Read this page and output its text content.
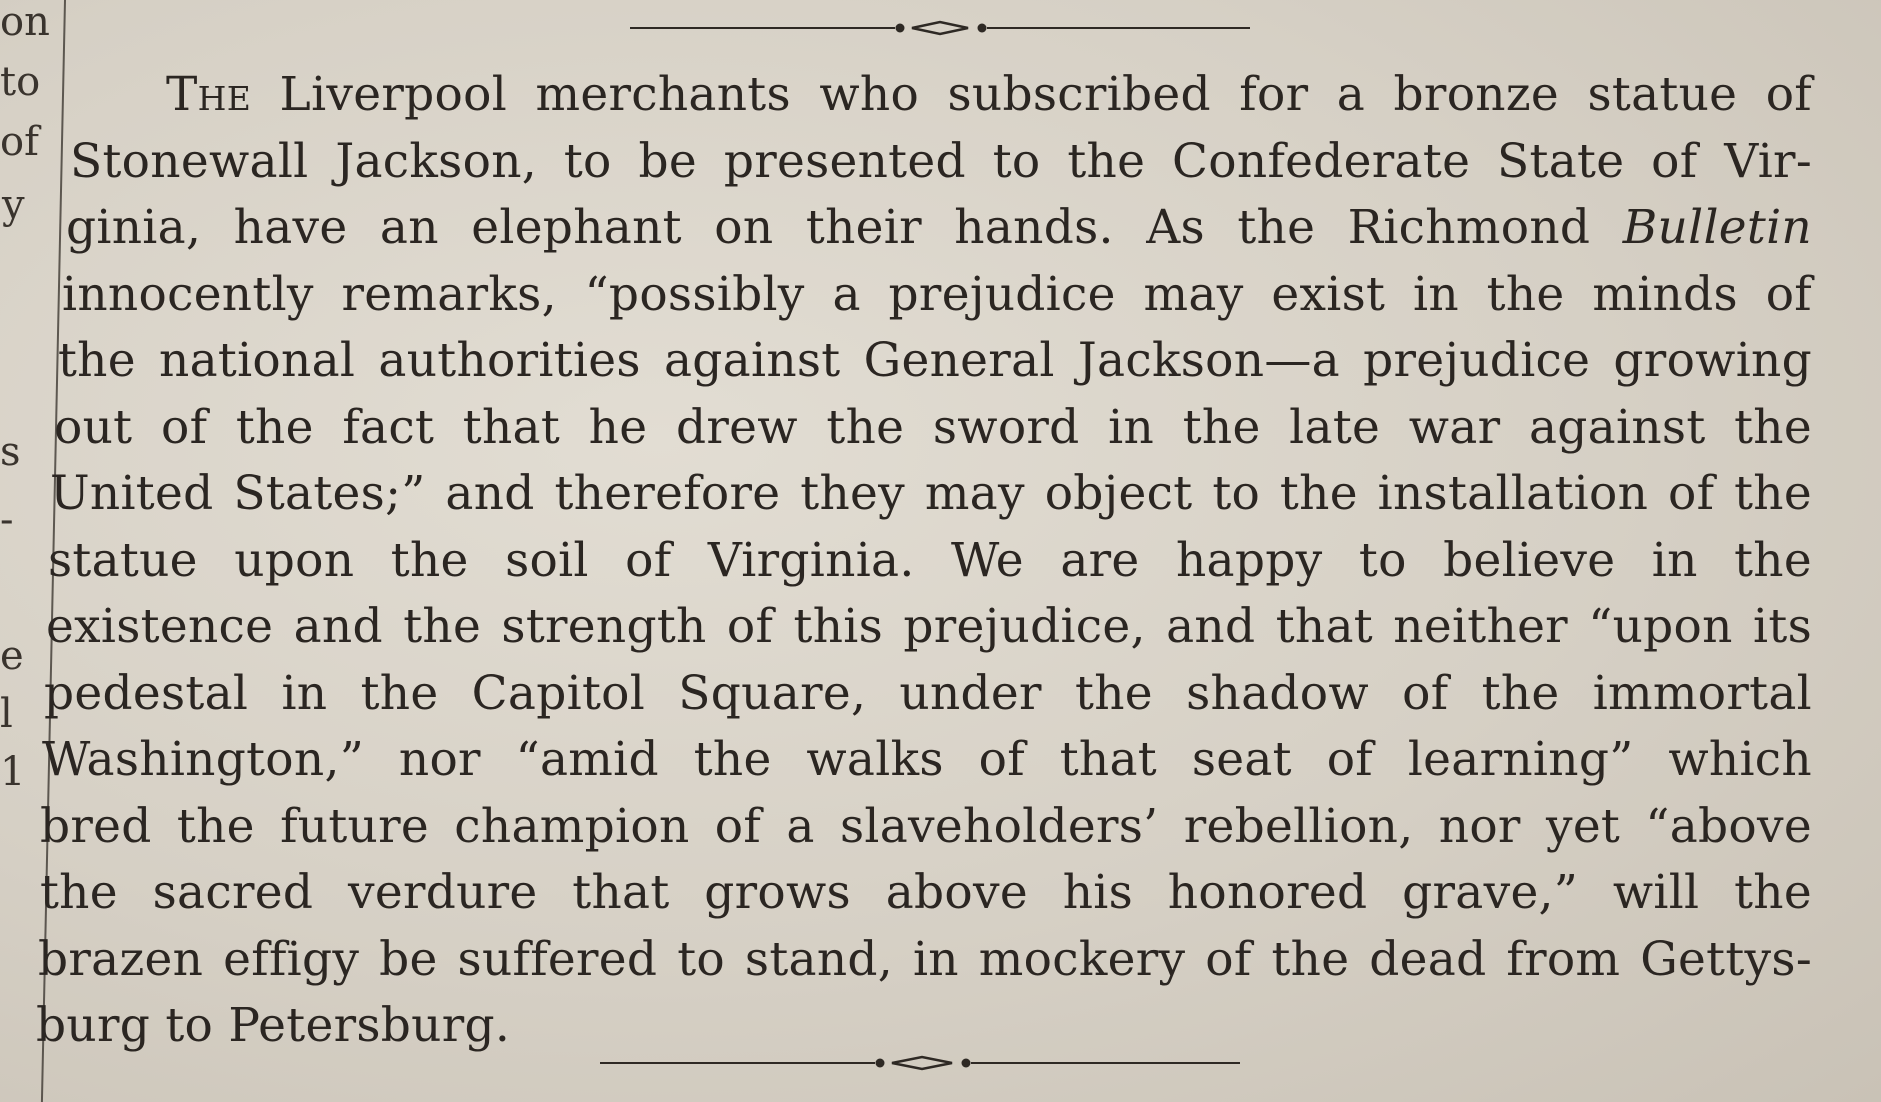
on
to
of
y
s
-
e
l
1
The Liverpool merchants who subscribed for a bronze statue of
Stonewall Jackson, to be presented to the Confederate State of Vir-
ginia, have an elephant on their hands. As the Richmond Bulletin
innocently remarks, “possibly a prejudice may exist in the minds of
the national authorities against General Jackson—a prejudice growing
out of the fact that he drew the sword in the late war against the
United States;” and therefore they may object to the installation of the
statue upon the soil of Virginia. We are happy to believe in the
existence and the strength of this prejudice, and that neither “upon its
pedestal in the Capitol Square, under the shadow of the immortal
Washington,” nor “amid the walks of that seat of learning” which
bred the future champion of a slaveholders’ rebellion, nor yet “above
the sacred verdure that grows above his honored grave,” will the
brazen effigy be suffered to stand, in mockery of the dead from Gettys-
burg to Petersburg.
